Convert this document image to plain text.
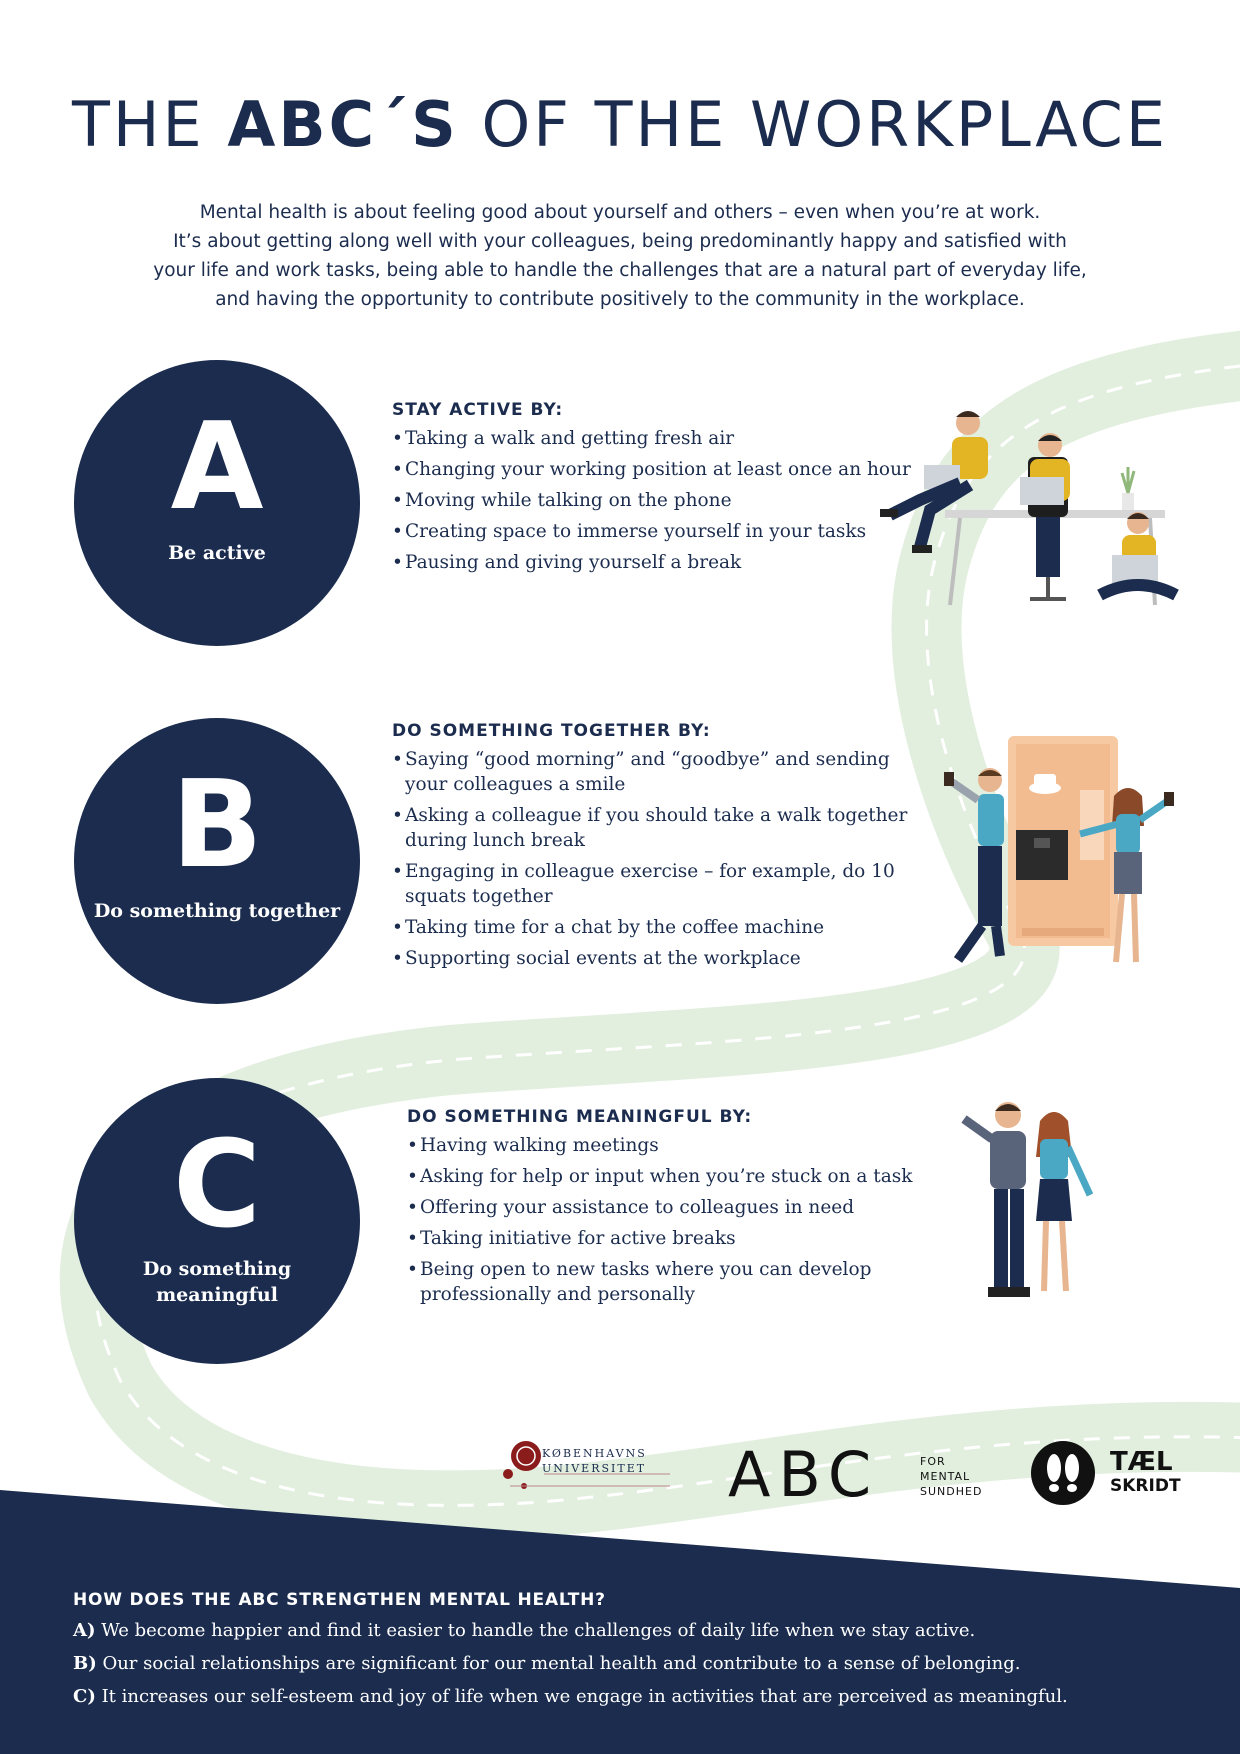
THE ABC´S OF THE WORKPLACE

Mental health is about feeling good about yourself and others – even when you’re at work.
It’s about getting along well with your colleagues, being predominantly happy and satisfied with
your life and work tasks, being able to handle the challenges that are a natural part of everyday life,
and having the opportunity to contribute positively to the community in the workplace.

A
Be active
STAY ACTIVE BY:
• Taking a walk and getting fresh air
• Changing your working position at least once an hour
• Moving while talking on the phone
• Creating space to immerse yourself in your tasks
• Pausing and giving yourself a break
B
Do something together
DO SOMETHING TOGETHER BY:
• Saying “good morning” and “goodbye” and sending your colleagues a smile
• Asking a colleague if you should take a walk together during lunch break
• Engaging in colleague exercise – for example, do 10 squats together
• Taking time for a chat by the coffee machine
• Supporting social events at the workplace
C
Do something meaningful
DO SOMETHING MEANINGFUL BY:
• Having walking meetings
• Asking for help or input when you’re stuck on a task
• Offering your assistance to colleagues in need
• Taking initiative for active breaks
• Being open to new tasks where you can develop professionally and personally
KØBENHAVNS
UNIVERSITET ABC	FOR
MENTAL
SUNDHED
TÆL
SKRIDT
HOW DOES THE ABC STRENGTHEN MENTAL HEALTH?

A) We become happier and find it easier to handle the challenges of daily life when we stay active.

B) Our social relationships are significant for our mental health and contribute to a sense of belonging.

C) It increases our self-esteem and joy of life when we engage in activities that are perceived as meaningful.
